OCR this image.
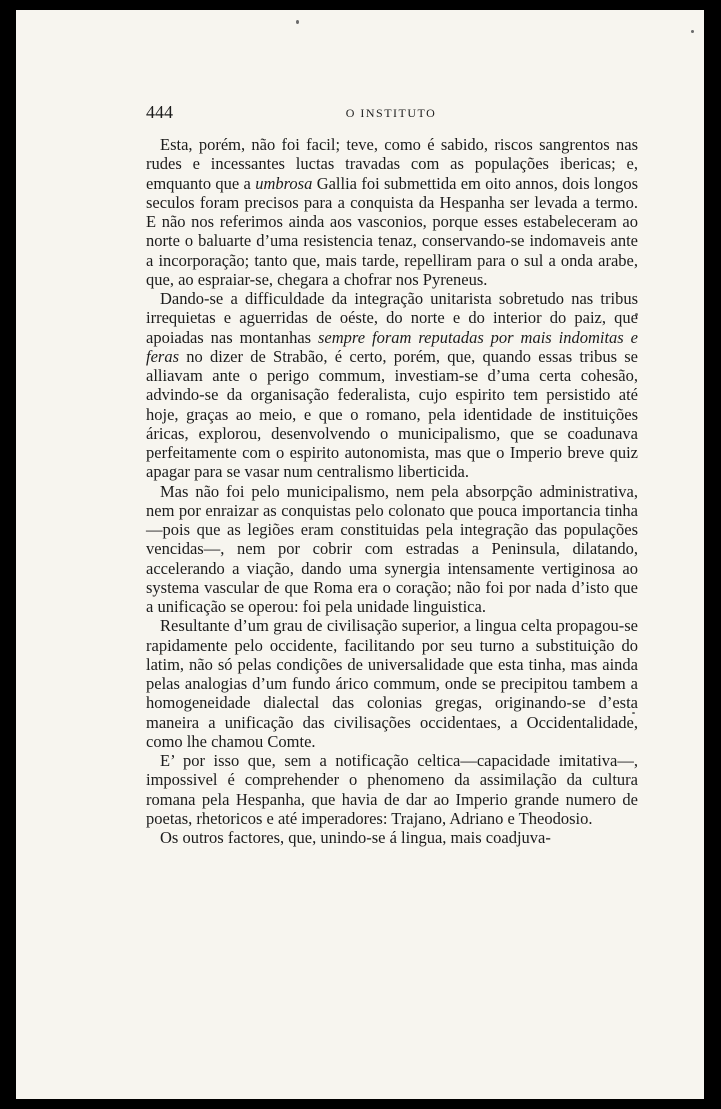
444	O INSTITUTO

Esta, porém, não foi facil; teve, como é sabido, riscos sangrentos nas rudes e incessantes luctas travadas com as populações ibericas; e, emquanto que a umbrosa Gallia foi submettida em oito annos, dois longos seculos foram precisos para a conquista da Hespanha ser levada a termo. E não nos referimos ainda aos vasconios, porque esses estabeleceram ao norte o baluarte d’uma resistencia tenaz, conservando-se indomaveis ante a incorporação; tanto que, mais tarde, repelliram para o sul a onda arabe, que, ao espraiar-se, chegara a chofrar nos Pyreneus.

Dando-se a difficuldade da integração unitarista sobretudo nas tribus irrequietas e aguerridas de oéste, do norte e do interior do paiz, que apoiadas nas montanhas sempre foram reputadas por mais indomitas e feras no dizer de Strabão, é certo, porém, que, quando essas tribus se alliavam ante o perigo commum, investiam-se d’uma certa cohesão, advindo-se da organisação federalista, cujo espirito tem persistido até hoje, graças ao meio, e que o romano, pela identidade de instituições áricas, explorou, desenvolvendo o municipalismo, que se coadunava perfeitamente com o espirito autonomista, mas que o Imperio breve quiz apagar para se vasar num centralismo liberticida.

Mas não foi pelo municipalismo, nem pela absorpção administrativa, nem por enraizar as conquistas pelo colonato que pouca importancia tinha—pois que as legiões eram constituidas pela integração das populações vencidas—, nem por cobrir com estradas a Peninsula, dilatando, accelerando a viação, dando uma synergia intensamente vertiginosa ao systema vascular de que Roma era o coração; não foi por nada d’isto que a unificação se operou: foi pela unidade linguistica.

Resultante d’um grau de civilisação superior, a lingua celta propagou-se rapidamente pelo occidente, facilitando por seu turno a substituição do latim, não só pelas condições de universalidade que esta tinha, mas ainda pelas analogias d’um fundo árico commum, onde se precipitou tambem a homogeneidade dialectal das colonias gregas, originando-se d’esta maneira a unificação das civilisações occidentaes, a Occidentalidade, como lhe chamou Comte.

E’ por isso que, sem a notificação celtica—capacidade imitativa—, impossivel é comprehender o phenomeno da assimilação da cultura romana pela Hespanha, que havia de dar ao Imperio grande numero de poetas, rhetoricos e até imperadores: Trajano, Adriano e Theodosio.

Os outros factores, que, unindo-se á lingua, mais coadjuva-
